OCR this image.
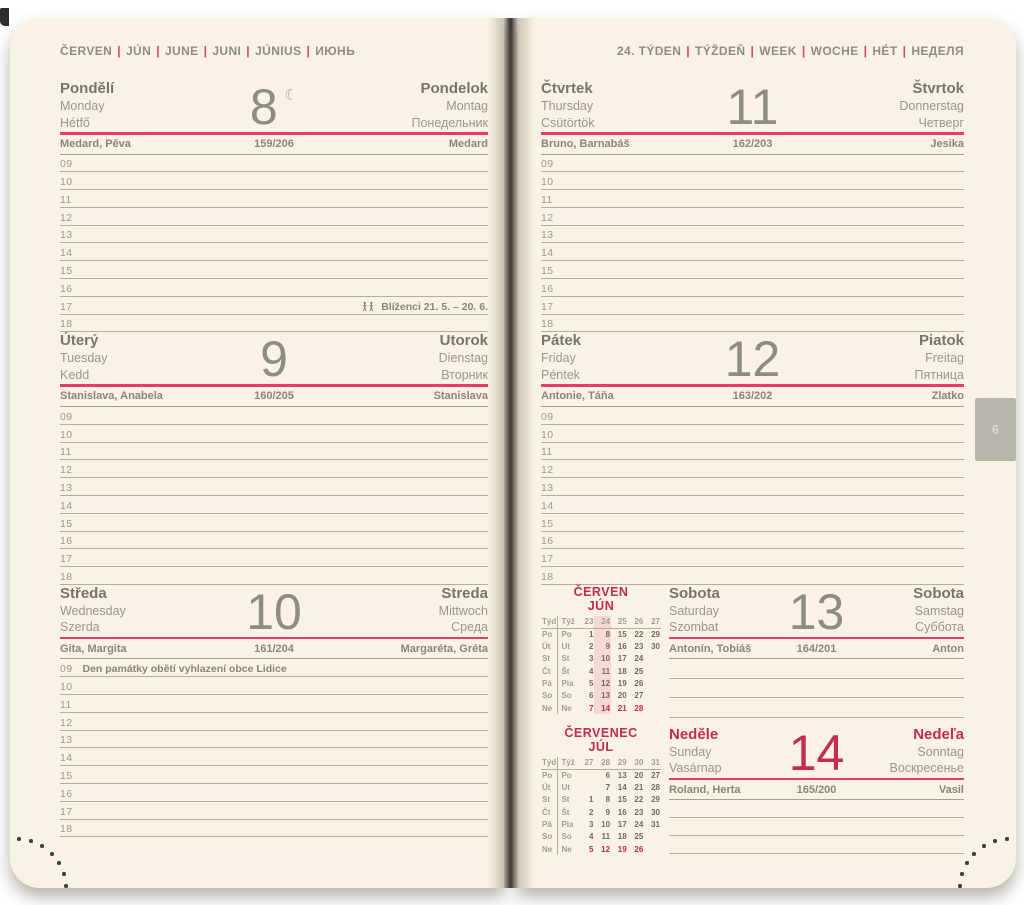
ČERVEN | JÚN | JUNE | JUNI | JÚNIUS | ИЮНЬ
Pondělí
Monday
Hétfő	8 ☾	Pondelok
Montag
Понедельник
Medard, Pěva	159/206	Medard
09
10
11
12
13
14
15
16
17	Blíženci 21. 5. – 20. 6.
18
Úterý
Tuesday
Kedd	9	Utorok
Dienstag
Вторник
Stanislava, Anabela	160/205	Stanislava
09
10
11
12
13
14
15
16
17
18
Středa
Wednesday
Szerda	10	Streda
Mittwoch
Среда
Gita, Margita	161/204	Margaréta, Gréta
09 Den památky obětí vyhlazení obce Lidice
10
11
12
13
14
15
16
17
18
24. TÝDEN | TÝŽDEŇ | WEEK | WOCHE | HÉT | НЕДЕЛЯ
Čtvrtek
Thursday
Csütörtök	11	Štvrtok
Donnerstag
Четверг
Bruno, Barnabáš	162/203	Jesika
09
10
11
12
13
14
15
16
17
18
Pátek
Friday
Péntek	12	Piatok
Freitag
Пятница
Antonie, Táňa	163/202	Zlatko
09
10
11
12
13
14
15
16
17
18
ČERVEN
JÚN
Týd	Týž	23	24	25	26	27
Po	Po	1	8	15	22	29
Út	Ut	2	9	16	23	30
St	St	3	10	17	24	
Čt	Št	4	11	18	25	
Pá	Pia	5	12	19	26	
So	So	6	13	20	27	
Ne	Ne	7	14	21	28	
Sobota
Saturday
Szombat	13	Sobota
Samstag
Суббота
Antonín, Tobiáš	164/201	Anton
ČERVENEC
JÚL
Týd	Týž	27	28	29	30	31
Po	Po		6	13	20	27
Út	Ut		7	14	21	28
St	St	1	8	15	22	29
Čt	Št	2	9	16	23	30
Pá	Pia	3	10	17	24	31
So	So	4	11	18	25	
Ne	Ne	5	12	19	26	
Neděle
Sunday
Vasárnap	14	Nedeľa
Sonntag
Воскресенье
Roland, Herta	165/200	Vasil
6
